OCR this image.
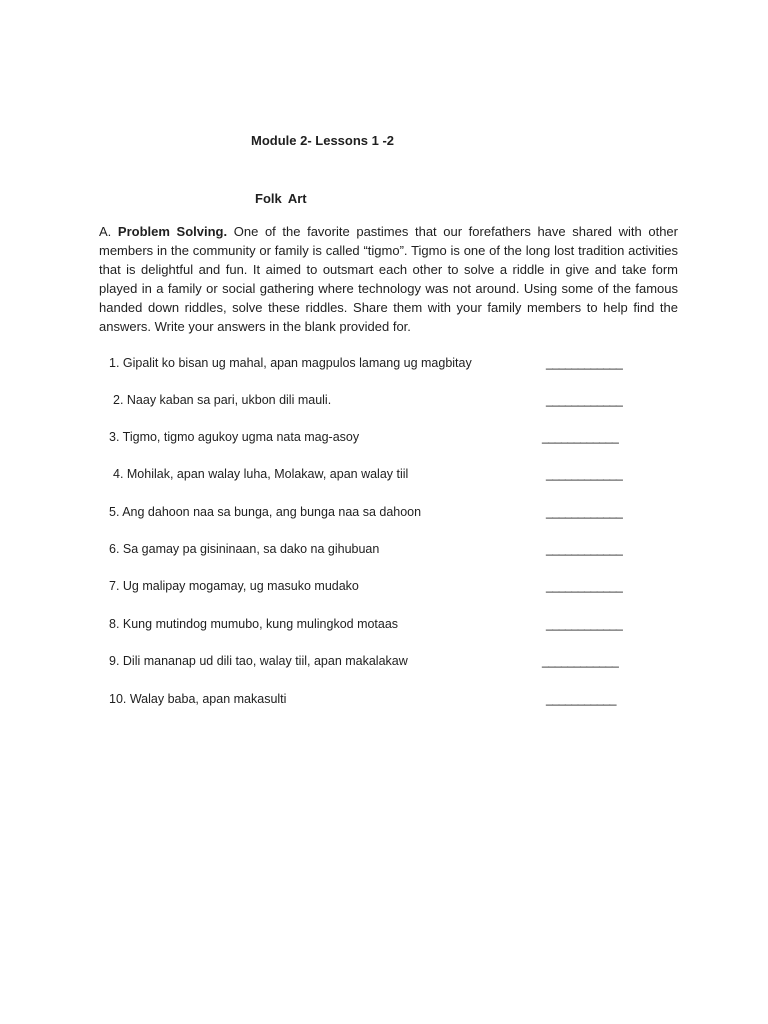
Module 2- Lessons 1 -2
Folk Art

A. Problem Solving. One of the favorite pastimes that our forefathers have shared with other members in the community or family is called “tigmo”. Tigmo is one of the long lost tradition activities that is delightful and fun. It aimed to outsmart each other to solve a riddle in give and take form played in a family or social gathering where technology was not around. Using some of the famous handed down riddles, solve these riddles. Share them with your family members to help find the answers. Write your answers in the blank provided for.

1. Gipalit ko bisan ug mahal, apan magpulos lamang ug magbitay	____________
2. Naay kaban sa pari, ukbon dili mauli.	____________
3. Tigmo, tigmo agukoy ugma nata mag-asoy	____________
4. Mohilak, apan walay luha, Molakaw, apan walay tiil	____________
5. Ang dahoon naa sa bunga, ang bunga naa sa dahoon	____________
6. Sa gamay pa gisininaan, sa dako na gihubuan	____________
7. Ug malipay mogamay, ug masuko mudako	____________
8. Kung mutindog mumubo, kung mulingkod motaas	____________
9. Dili mananap ud dili tao, walay tiil, apan makalakaw	____________
10. Walay baba, apan makasulti	___________
